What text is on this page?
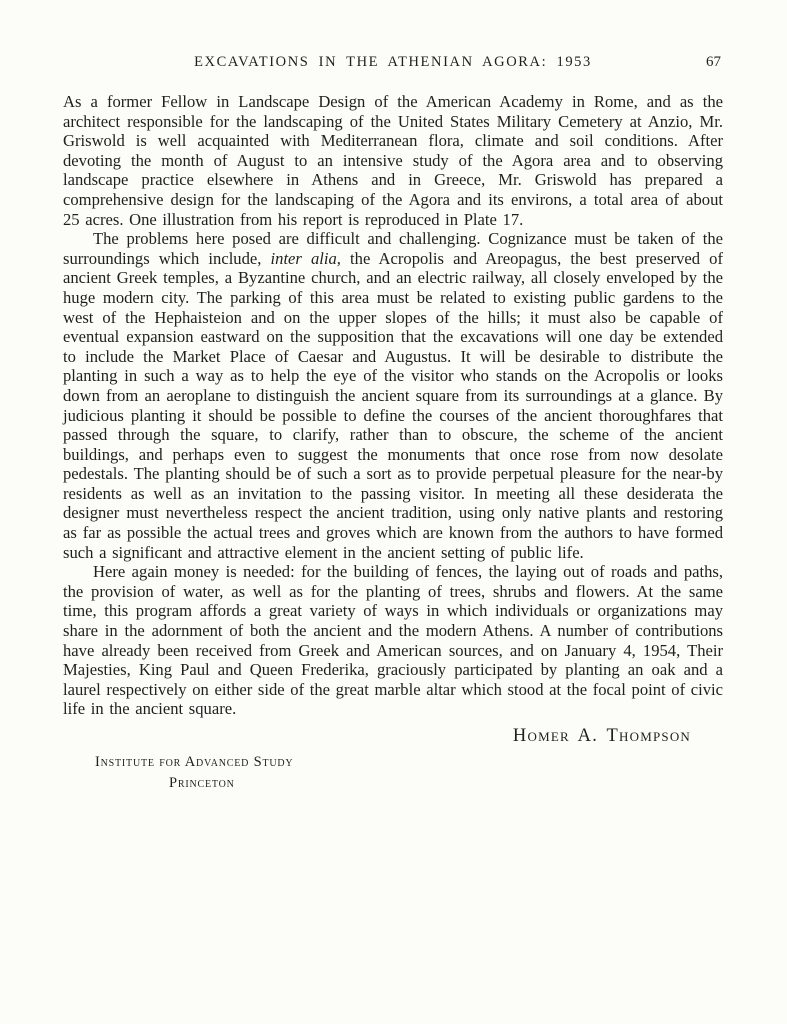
EXCAVATIONS IN THE ATHENIAN AGORA: 1953	67

As a former Fellow in Landscape Design of the American Academy in Rome, and as the architect responsible for the landscaping of the United States Military Cemetery at Anzio, Mr. Griswold is well acquainted with Mediterranean flora, climate and soil conditions. After devoting the month of August to an intensive study of the Agora area and to observing landscape practice elsewhere in Athens and in Greece, Mr. Griswold has prepared a comprehensive design for the landscaping of the Agora and its environs, a total area of about 25 acres. One illustration from his report is reproduced in Plate 17.

The problems here posed are difficult and challenging. Cognizance must be taken of the surroundings which include, inter alia, the Acropolis and Areopagus, the best preserved of ancient Greek temples, a Byzantine church, and an electric railway, all closely enveloped by the huge modern city. The parking of this area must be related to existing public gardens to the west of the Hephaisteion and on the upper slopes of the hills; it must also be capable of eventual expansion eastward on the supposition that the excavations will one day be extended to include the Market Place of Caesar and Augustus. It will be desirable to distribute the planting in such a way as to help the eye of the visitor who stands on the Acropolis or looks down from an aeroplane to distinguish the ancient square from its surroundings at a glance. By judicious planting it should be possible to define the courses of the ancient thoroughfares that passed through the square, to clarify, rather than to obscure, the scheme of the ancient buildings, and perhaps even to suggest the monuments that once rose from now desolate pedestals. The planting should be of such a sort as to provide perpetual pleasure for the near-by residents as well as an invitation to the passing visitor. In meeting all these desiderata the designer must nevertheless respect the ancient tradition, using only native plants and restoring as far as possible the actual trees and groves which are known from the authors to have formed such a significant and attractive element in the ancient setting of public life.

Here again money is needed: for the building of fences, the laying out of roads and paths, the provision of water, as well as for the planting of trees, shrubs and flowers. At the same time, this program affords a great variety of ways in which individuals or organizations may share in the adornment of both the ancient and the modern Athens. A number of contributions have already been received from Greek and American sources, and on January 4, 1954, Their Majesties, King Paul and Queen Frederika, graciously participated by planting an oak and a laurel respectively on either side of the great marble altar which stood at the focal point of civic life in the ancient square.

Homer A. Thompson
Institute for Advanced Study
Princeton
